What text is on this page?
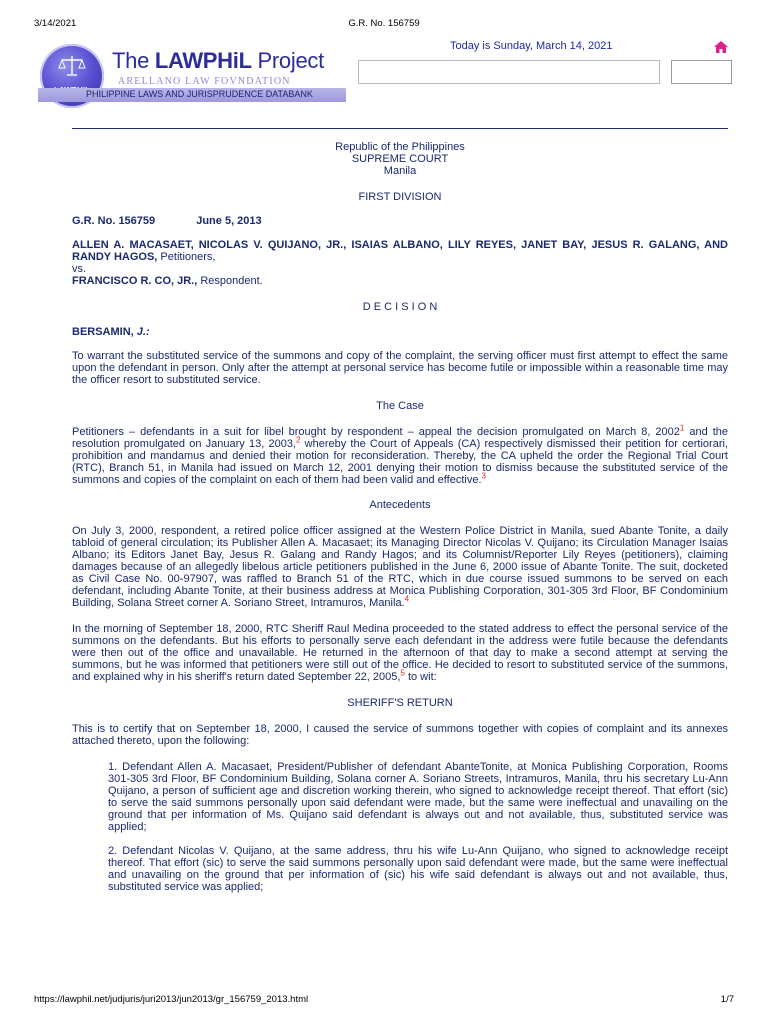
3/14/2021	G.R. No. 156759
The LAWPHiL Project
ARELLANO LAW FOVNDATION
PHILIPPINE LAWS AND JURISPRUDENCE DATABANK
Today is Sunday, March 14, 2021
Republic of the Philippines
SUPREME COURT
Manila
FIRST DIVISION
G.R. No. 156759	June 5, 2013

ALLEN A. MACASAET, NICOLAS V. QUIJANO, JR., ISAIAS ALBANO, LILY REYES, JANET BAY, JESUS R. GALANG, AND RANDY HAGOS, Petitioners,
vs.
FRANCISCO R. CO, JR., Respondent.

D E C I S I O N
BERSAMIN, J.:

To warrant the substituted service of the summons and copy of the complaint, the serving officer must first attempt to effect the same upon the defendant in person. Only after the attempt at personal service has become futile or impossible within a reasonable time may the officer resort to substituted service.

The Case

Petitioners – defendants in a suit for libel brought by respondent – appeal the decision promulgated on March 8, 2002$^1$ and the resolution promulgated on January 13, 2003,$^2$ whereby the Court of Appeals (CA) respectively dismissed their petition for certiorari, prohibition and mandamus and denied their motion for reconsideration. Thereby, the CA upheld the order the Regional Trial Court (RTC), Branch 51, in Manila had issued on March 12, 2001 denying their motion to dismiss because the substituted service of the summons and copies of the complaint on each of them had been valid and effective.$^3$

Antecedents

On July 3, 2000, respondent, a retired police officer assigned at the Western Police District in Manila, sued Abante Tonite, a daily tabloid of general circulation; its Publisher Allen A. Macasaet; its Managing Director Nicolas V. Quijano; its Circulation Manager Isaias Albano; its Editors Janet Bay, Jesus R. Galang and Randy Hagos; and its Columnist/Reporter Lily Reyes (petitioners), claiming damages because of an allegedly libelous article petitioners published in the June 6, 2000 issue of Abante Tonite. The suit, docketed as Civil Case No. 00-97907, was raffled to Branch 51 of the RTC, which in due course issued summons to be served on each defendant, including Abante Tonite, at their business address at Monica Publishing Corporation, 301-305 3rd Floor, BF Condominium Building, Solana Street corner A. Soriano Street, Intramuros, Manila.$^4$

In the morning of September 18, 2000, RTC Sheriff Raul Medina proceeded to the stated address to effect the personal service of the summons on the defendants. But his efforts to personally serve each defendant in the address were futile because the defendants were then out of the office and unavailable. He returned in the afternoon of that day to make a second attempt at serving the summons, but he was informed that petitioners were still out of the office. He decided to resort to substituted service of the summons, and explained why in his sheriff's return dated September 22, 2005,$^5$ to wit:

SHERIFF'S RETURN

This is to certify that on September 18, 2000, I caused the service of summons together with copies of complaint and its annexes attached thereto, upon the following:

1. Defendant Allen A. Macasaet, President/Publisher of defendant AbanteTonite, at Monica Publishing Corporation, Rooms 301-305 3rd Floor, BF Condominium Building, Solana corner A. Soriano Streets, Intramuros, Manila, thru his secretary Lu-Ann Quijano, a person of sufficient age and discretion working therein, who signed to acknowledge receipt thereof. That effort (sic) to serve the said summons personally upon said defendant were made, but the same were ineffectual and unavailing on the ground that per information of Ms. Quijano said defendant is always out and not available, thus, substituted service was applied;

2. Defendant Nicolas V. Quijano, at the same address, thru his wife Lu-Ann Quijano, who signed to acknowledge receipt thereof. That effort (sic) to serve the said summons personally upon said defendant were made, but the same were ineffectual and unavailing on the ground that per information of (sic) his wife said defendant is always out and not available, thus, substituted service was applied;

https://lawphil.net/judjuris/juri2013/jun2013/gr_156759_2013.html	1/7
